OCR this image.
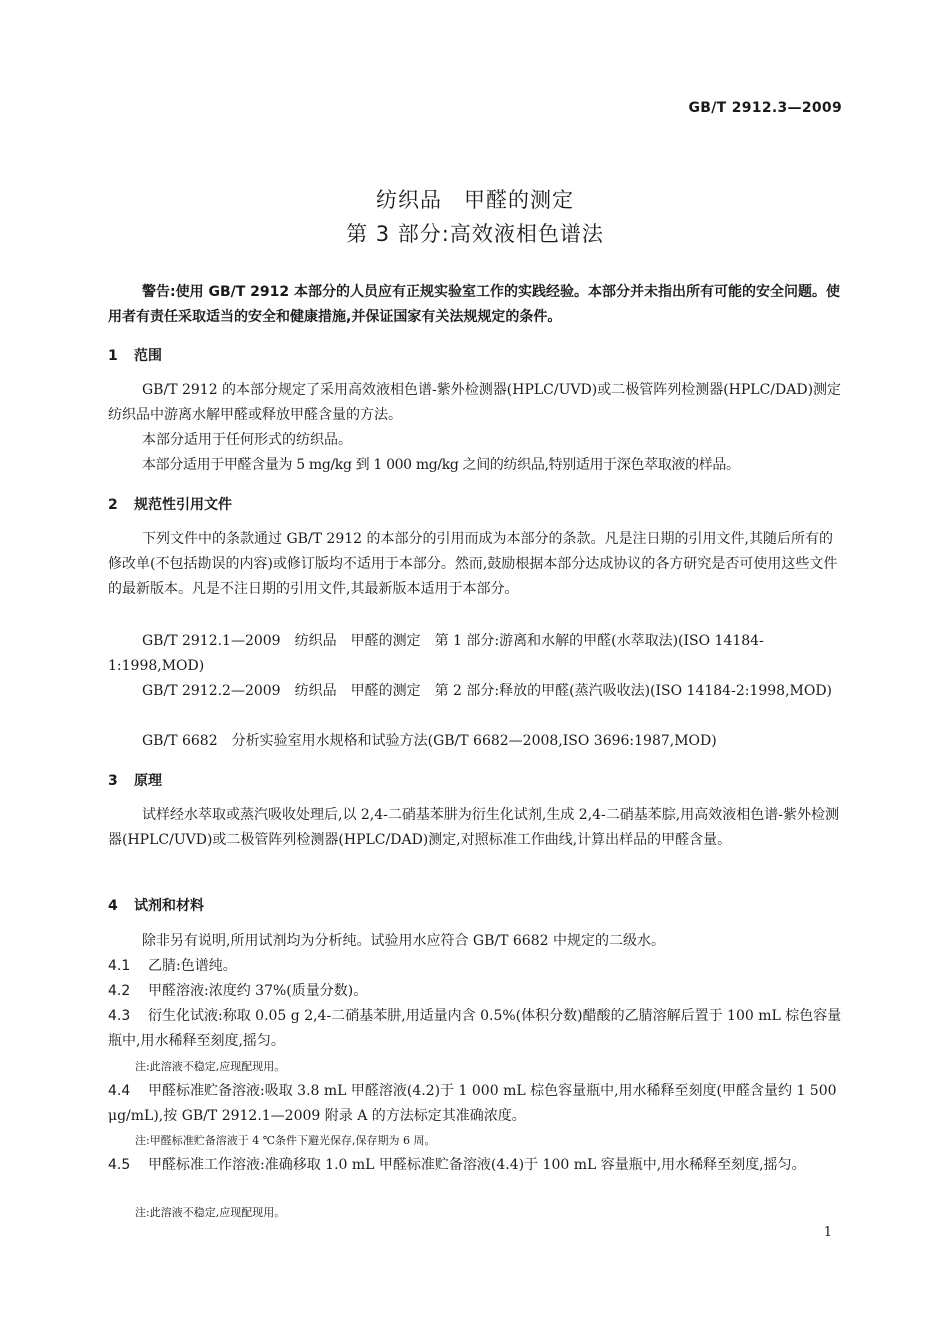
GB/T 2912.3—2009
纺织品　甲醛的测定
第 3 部分:高效液相色谱法
警告:使用 GB/T 2912 本部分的人员应有正规实验室工作的实践经验。本部分并未指出所有可能的安全问题。使用者有责任采取适当的安全和健康措施,并保证国家有关法规规定的条件。
1 范围
GB/T 2912 的本部分规定了采用高效液相色谱-紫外检测器(HPLC/UVD)或二极管阵列检测器(HPLC/DAD)测定纺织品中游离水解甲醛或释放甲醛含量的方法。
本部分适用于任何形式的纺织品。
本部分适用于甲醛含量为 5 mg/kg 到 1 000 mg/kg 之间的纺织品,特别适用于深色萃取液的样品。
2 规范性引用文件
下列文件中的条款通过 GB/T 2912 的本部分的引用而成为本部分的条款。凡是注日期的引用文件,其随后所有的修改单(不包括勘误的内容)或修订版均不适用于本部分。然而,鼓励根据本部分达成协议的各方研究是否可使用这些文件的最新版本。凡是不注日期的引用文件,其最新版本适用于本部分。
GB/T 2912.1—2009　纺织品　甲醛的测定　第 1 部分:游离和水解的甲醛(水萃取法)(ISO 14184-1:1998,MOD)
GB/T 2912.2—2009　纺织品　甲醛的测定　第 2 部分:释放的甲醛(蒸汽吸收法)(ISO 14184-2:1998,MOD)
GB/T 6682　分析实验室用水规格和试验方法(GB/T 6682—2008,ISO 3696:1987,MOD)
3 原理
试样经水萃取或蒸汽吸收处理后,以 2,4-二硝基苯肼为衍生化试剂,生成 2,4-二硝基苯腙,用高效液相色谱-紫外检测器(HPLC/UVD)或二极管阵列检测器(HPLC/DAD)测定,对照标准工作曲线,计算出样品的甲醛含量。
4 试剂和材料
除非另有说明,所用试剂均为分析纯。试验用水应符合 GB/T 6682 中规定的二级水。
4.1 乙腈:色谱纯。
4.2 甲醛溶液:浓度约 37%(质量分数)。
4.3 衍生化试液:称取 0.05 g 2,4-二硝基苯肼,用适量内含 0.5%(体积分数)醋酸的乙腈溶解后置于 100 mL 棕色容量瓶中,用水稀释至刻度,摇匀。
注:此溶液不稳定,应现配现用。
4.4 甲醛标准贮备溶液:吸取 3.8 mL 甲醛溶液(4.2)于 1 000 mL 棕色容量瓶中,用水稀释至刻度(甲醛含量约 1 500 μg/mL),按 GB/T 2912.1—2009 附录 A 的方法标定其准确浓度。
注:甲醛标准贮备溶液于 4 ℃条件下避光保存,保存期为 6 周。
4.5 甲醛标准工作溶液:准确移取 1.0 mL 甲醛标准贮备溶液(4.4)于 100 mL 容量瓶中,用水稀释至刻度,摇匀。
注:此溶液不稳定,应现配现用。
1
